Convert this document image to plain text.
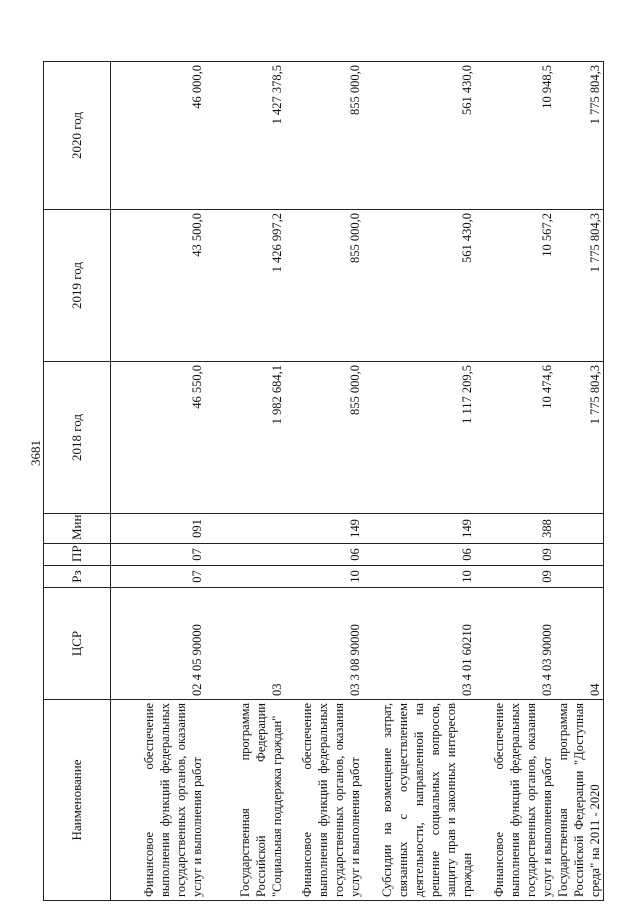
3681
Наименование	ЦСР	Рз	ПР	Мин	2018 год	2019 год	2020 год
Финансовое обеспечение выполнения функций федеральных государственных органов, оказания услуг и выполнения работ	02 4 05 90000	07	07	091	46 550,0	43 500,0	46 000,0
Государственная программа Российской Федерации "Социальная поддержка граждан"	03				1 982 684,1	1 426 997,2	1 427 378,5
Финансовое обеспечение выполнения функций федеральных государственных органов, оказания услуг и выполнения работ	03 3 08 90000	10	06	149	855 000,0	855 000,0	855 000,0
Субсидии на возмещение затрат, связанных с осуществлением деятельности, направленной на решение социальных вопросов, защиту прав и законных интересов граждан	03 4 01 60210	10	06	149	1 117 209,5	561 430,0	561 430,0
Финансовое обеспечение выполнения функций федеральных государственных органов, оказания услуг и выполнения работ	03 4 03 90000	09	09	388	10 474,6	10 567,2	10 948,5
Государственная программа Российской Федерации "Доступная среда" на 2011 - 2020	04				1 775 804,3	1 775 804,3	1 775 804,3
